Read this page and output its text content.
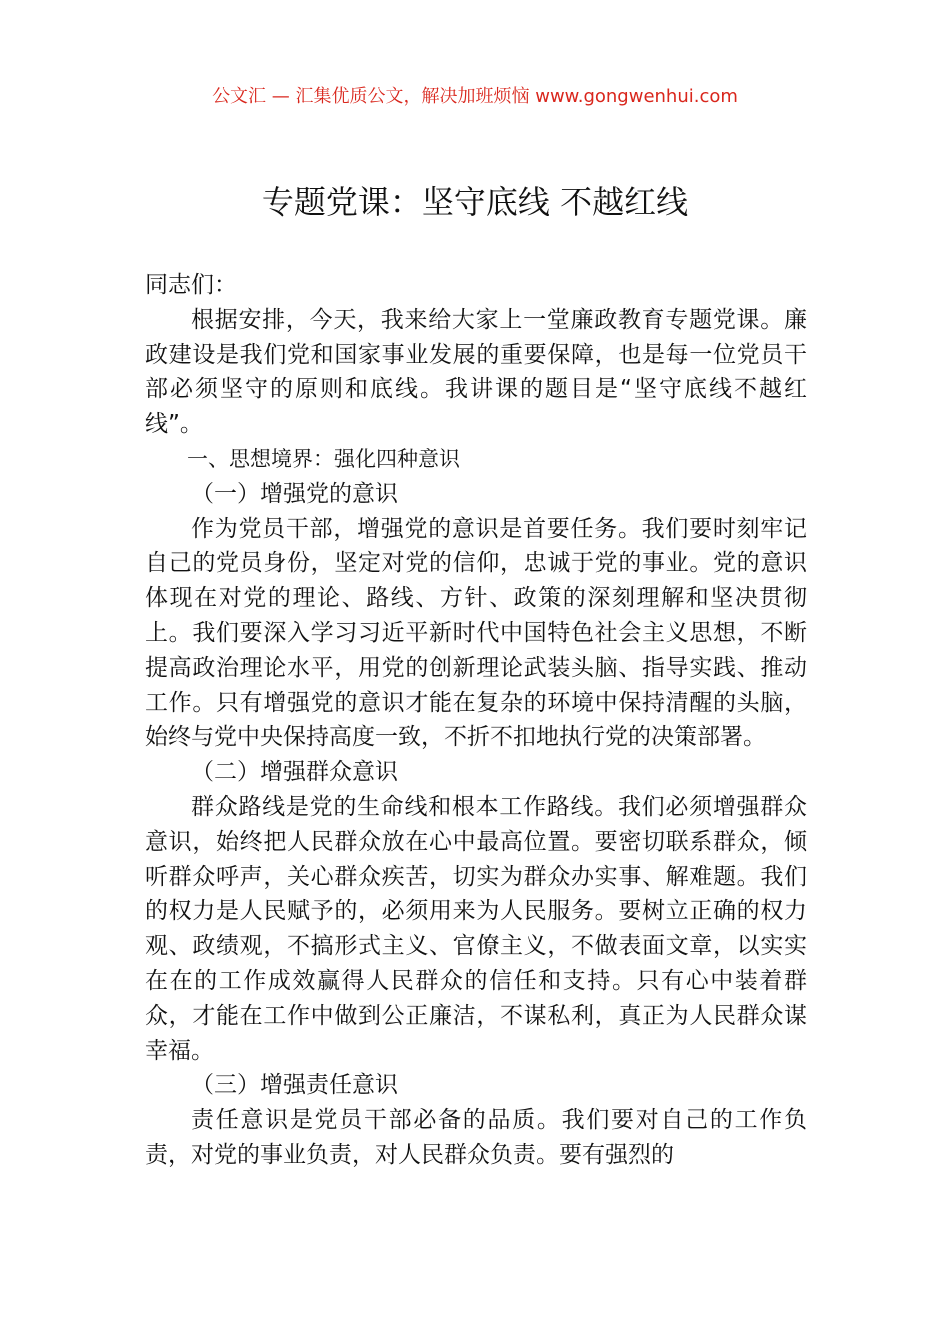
公文汇 — 汇集优质公文，解决加班烦恼 www.gongwenhui.com
专题党课：坚守底线 不越红线

同志们：

根据安排，今天，我来给大家上一堂廉政教育专题党课。廉政建设是我们党和国家事业发展的重要保障，也是每一位党员干部必须坚守的原则和底线。我讲课的题目是“坚守底线不越红线”。

一、思想境界：强化四种意识

（一）增强党的意识

作为党员干部，增强党的意识是首要任务。我们要时刻牢记自己的党员身份，坚定对党的信仰，忠诚于党的事业。党的意识体现在对党的理论、路线、方针、政策的深刻理解和坚决贯彻上。我们要深入学习习近平新时代中国特色社会主义思想，不断提高政治理论水平，用党的创新理论武装头脑、指导实践、推动工作。只有增强党的意识才能在复杂的环境中保持清醒的头脑，始终与党中央保持高度一致，不折不扣地执行党的决策部署。

（二）增强群众意识

群众路线是党的生命线和根本工作路线。我们必须增强群众意识，始终把人民群众放在心中最高位置。要密切联系群众，倾听群众呼声，关心群众疾苦，切实为群众办实事、解难题。我们的权力是人民赋予的，必须用来为人民服务。要树立正确的权力观、政绩观，不搞形式主义、官僚主义，不做表面文章，以实实在在的工作成效赢得人民群众的信任和支持。只有心中装着群众，才能在工作中做到公正廉洁，不谋私利，真正为人民群众谋幸福。

（三）增强责任意识

责任意识是党员干部必备的品质。我们要对自己的工作负责，对党的事业负责，对人民群众负责。要有强烈的
